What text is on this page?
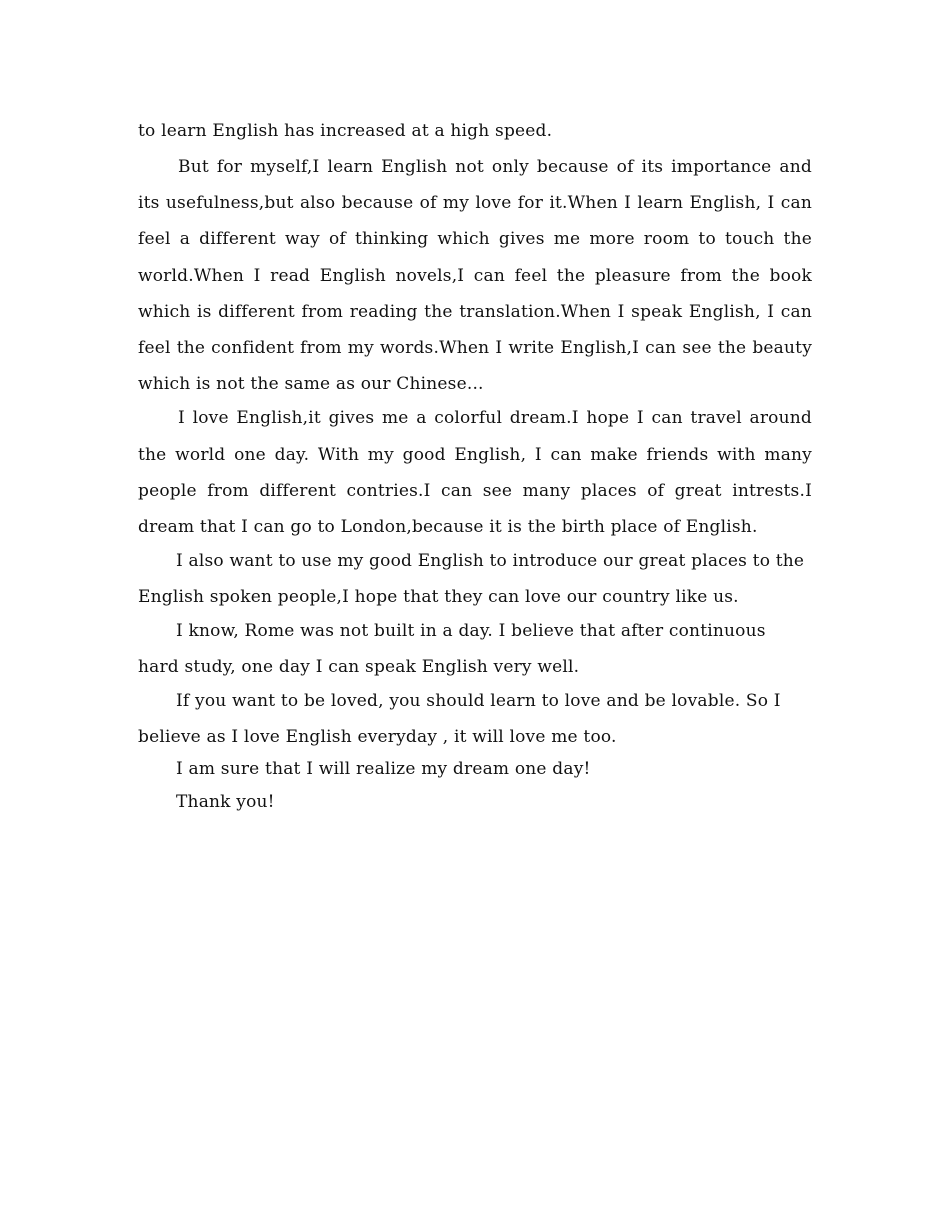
to learn English has increased at a high speed.

But for myself,I learn English not only because of its importance and its usefulness,but also because of my love for it.When I learn English, I can feel a different way of thinking which gives me more room to touch the world.When I read English novels,I can feel the pleasure from the book which is different from reading the translation.When I speak English, I can feel the confident from my words.When I write English,I can see the beauty which is not the same as our Chinese...

I love English,it gives me a colorful dream.I hope I can travel around the world one day. With my good English, I can make friends with many people from different contries.I can see many places of great intrests.I dream that I can go to London,because it is the birth place of English.

I also want to use my good English to introduce our great places to the English spoken people,I hope that they can love our country like us.

I know, Rome was not built in a day. I believe that after continuous hard study, one day I can speak English very well.

If you want to be loved, you should learn to love and be lovable. So I believe as I love English everyday , it will love me too.

I am sure that I will realize my dream one day!

Thank you!
